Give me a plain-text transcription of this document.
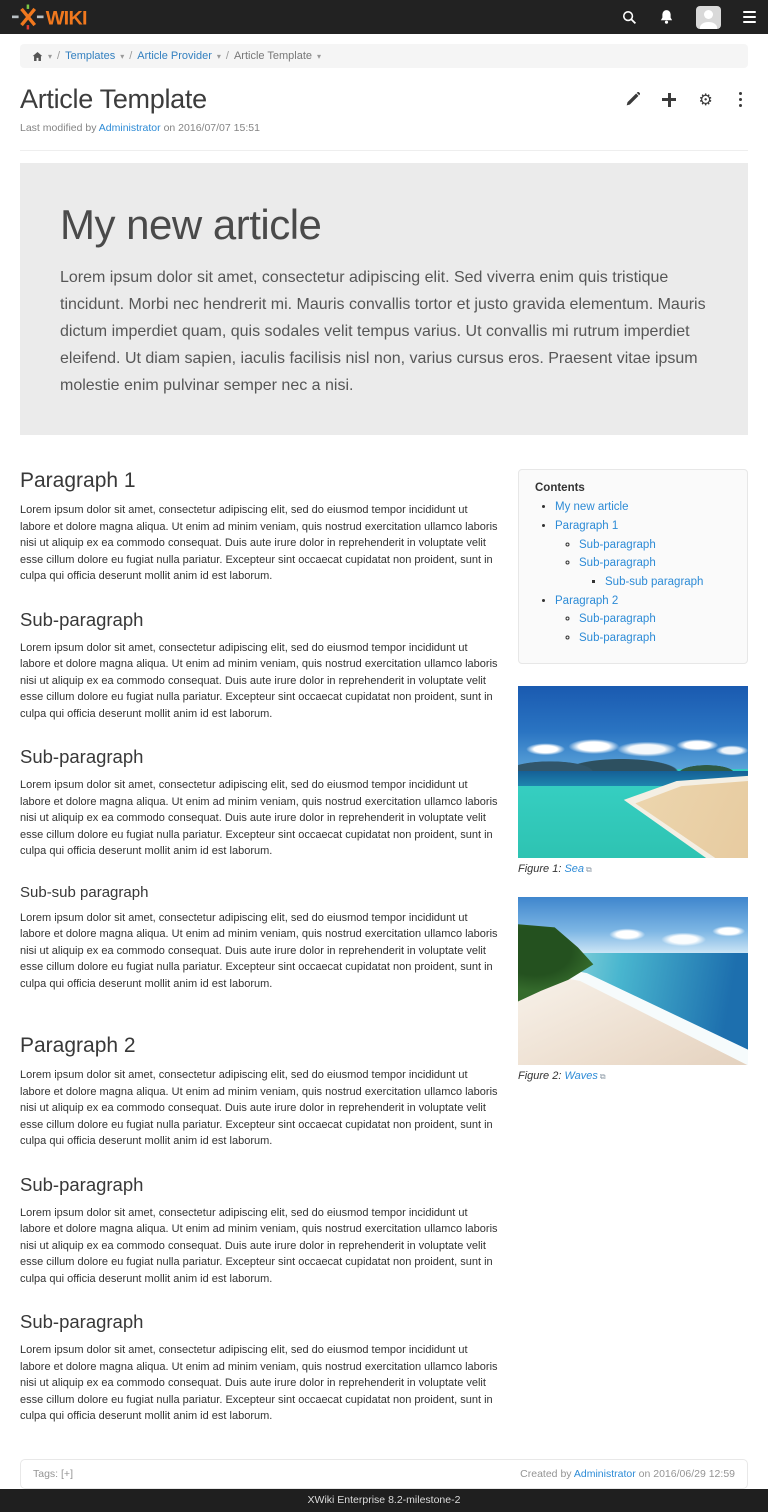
WIKI
▾ / Templates ▾ / Article Provider ▾ / Article Template ▾
Article Template
Last modified by Administrator on 2016/07/07 15:51
⚙
My new article

Lorem ipsum dolor sit amet, consectetur adipiscing elit. Sed viverra enim quis tristique tincidunt. Morbi nec hendrerit mi. Mauris convallis tortor et justo gravida elementum. Mauris dictum imperdiet quam, quis sodales velit tempus varius. Ut convallis mi rutrum imperdiet eleifend. Ut diam sapien, iaculis facilisis nisl non, varius cursus eros. Praesent vitae ipsum molestie enim pulvinar semper nec a nisi.

Paragraph 1

Lorem ipsum dolor sit amet, consectetur adipiscing elit, sed do eiusmod tempor incididunt ut labore et dolore magna aliqua. Ut enim ad minim veniam, quis nostrud exercitation ullamco laboris nisi ut aliquip ex ea commodo consequat. Duis aute irure dolor in reprehenderit in voluptate velit esse cillum dolore eu fugiat nulla pariatur. Excepteur sint occaecat cupidatat non proident, sunt in culpa qui officia deserunt mollit anim id est laborum.

Sub-paragraph

Lorem ipsum dolor sit amet, consectetur adipiscing elit, sed do eiusmod tempor incididunt ut labore et dolore magna aliqua. Ut enim ad minim veniam, quis nostrud exercitation ullamco laboris nisi ut aliquip ex ea commodo consequat. Duis aute irure dolor in reprehenderit in voluptate velit esse cillum dolore eu fugiat nulla pariatur. Excepteur sint occaecat cupidatat non proident, sunt in culpa qui officia deserunt mollit anim id est laborum.

Sub-paragraph

Lorem ipsum dolor sit amet, consectetur adipiscing elit, sed do eiusmod tempor incididunt ut labore et dolore magna aliqua. Ut enim ad minim veniam, quis nostrud exercitation ullamco laboris nisi ut aliquip ex ea commodo consequat. Duis aute irure dolor in reprehenderit in voluptate velit esse cillum dolore eu fugiat nulla pariatur. Excepteur sint occaecat cupidatat non proident, sunt in culpa qui officia deserunt mollit anim id est laborum.

Sub-sub paragraph

Lorem ipsum dolor sit amet, consectetur adipiscing elit, sed do eiusmod tempor incididunt ut labore et dolore magna aliqua. Ut enim ad minim veniam, quis nostrud exercitation ullamco laboris nisi ut aliquip ex ea commodo consequat. Duis aute irure dolor in reprehenderit in voluptate velit esse cillum dolore eu fugiat nulla pariatur. Excepteur sint occaecat cupidatat non proident, sunt in culpa qui officia deserunt mollit anim id est laborum.

Paragraph 2

Lorem ipsum dolor sit amet, consectetur adipiscing elit, sed do eiusmod tempor incididunt ut labore et dolore magna aliqua. Ut enim ad minim veniam, quis nostrud exercitation ullamco laboris nisi ut aliquip ex ea commodo consequat. Duis aute irure dolor in reprehenderit in voluptate velit esse cillum dolore eu fugiat nulla pariatur. Excepteur sint occaecat cupidatat non proident, sunt in culpa qui officia deserunt mollit anim id est laborum.

Sub-paragraph

Lorem ipsum dolor sit amet, consectetur adipiscing elit, sed do eiusmod tempor incididunt ut labore et dolore magna aliqua. Ut enim ad minim veniam, quis nostrud exercitation ullamco laboris nisi ut aliquip ex ea commodo consequat. Duis aute irure dolor in reprehenderit in voluptate velit esse cillum dolore eu fugiat nulla pariatur. Excepteur sint occaecat cupidatat non proident, sunt in culpa qui officia deserunt mollit anim id est laborum.

Sub-paragraph

Lorem ipsum dolor sit amet, consectetur adipiscing elit, sed do eiusmod tempor incididunt ut labore et dolore magna aliqua. Ut enim ad minim veniam, quis nostrud exercitation ullamco laboris nisi ut aliquip ex ea commodo consequat. Duis aute irure dolor in reprehenderit in voluptate velit esse cillum dolore eu fugiat nulla pariatur. Excepteur sint occaecat cupidatat non proident, sunt in culpa qui officia deserunt mollit anim id est laborum.

Contents
• My new article
• Paragraph 1
◦ Sub-paragraph
◦ Sub-paragraph
▪ Sub-sub paragraph
• Paragraph 2
◦ Sub-paragraph
◦ Sub-paragraph
Figure 1: Sea ⧉
Figure 2: Waves ⧉
Tags: [+]	Created by Administrator on 2016/06/29 12:59
XWiki Enterprise 8.2-milestone-2
